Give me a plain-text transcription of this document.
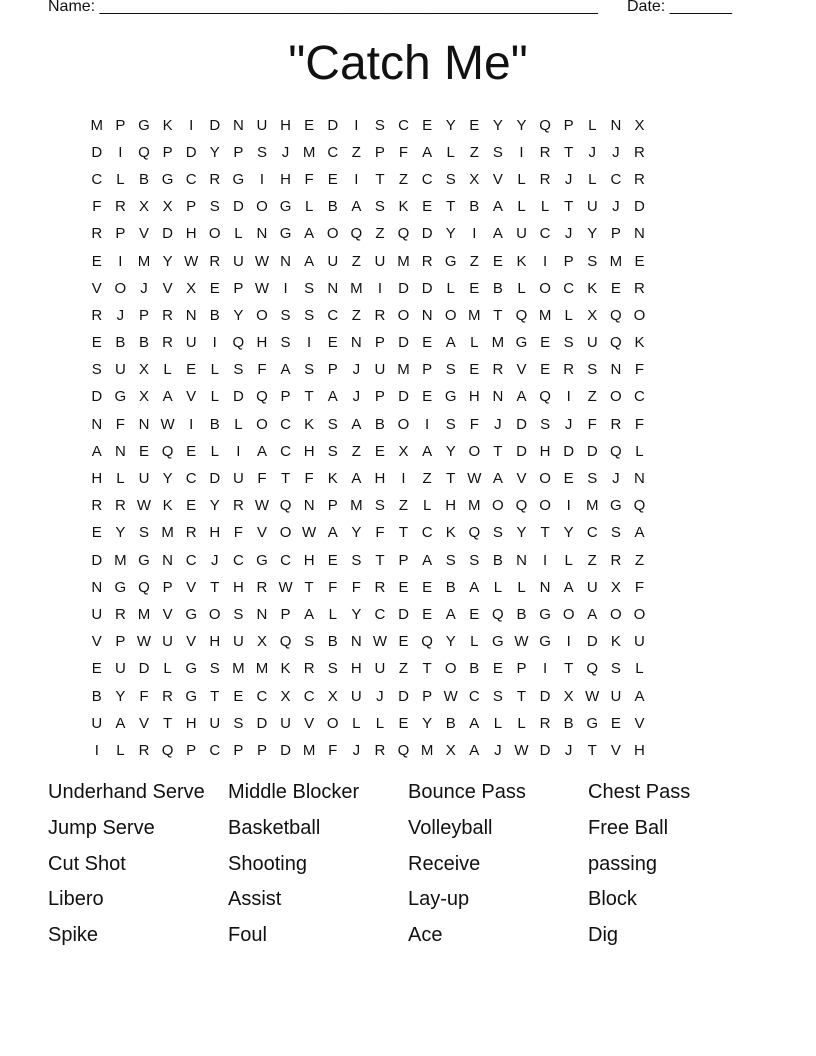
Name: ________________________________________________________ Date: _______
"Catch Me"
M P G K	I	D N U H E D	I	S C E Y E Y Y Q P L N X
D	I	Q P D Y P S J M C Z P F A L Z S	I	R T	J	J R
C L B G C R G	I	H F E	I	T Z C S X V L R J	L C R
F R X X P S D O G L B A S K E T B A L	L T U J D
R P V D H O L N G A O Q Z Q D Y	I	A U C J Y P N
E	I	M Y W R U W N A U Z U M R G Z E K	I	P S M E
V O J V X E P W I	S N M	I	D D L E B L O C K E R
R J P R N B Y O S S C Z R O N O M T Q M L X Q O
E B B R U	I	Q H S	I	E N P D E A L M G E S U Q K
S U X L E L S F A S P J U M P S E R V E R S N F
D G X A V L D Q P T A J P D E G H N A Q	I	Z O C
N F N W I	B L O C K S A B O	I	S F	J D S J	F R F
A N E Q E L	I	A C H S Z E X A Y O T D H D D Q L
H L U Y C D U F T F K A H	I	Z T W A V O E S J N
R R W K E Y R W Q N P M S Z L H M O Q O	I	M G Q
E Y S M R H F V O W A Y F T C K Q S Y T Y C S A
D M G N C J C G C H E S T P A S S B N	I	L Z R Z
N G Q P V T H R W T F F R E E B A L	L N A U X F
U R M V G O S N P A L Y C D E A E Q B G O A O O
V P W U V H U X Q S B N W E Q Y L G W G	I	D K U
E U D L G S M M K R S H U Z T O B E P	I	T Q S L
B Y F R G T E C X C X U J D P W C S T D X W U A
U A V T H U S D U V O L	L E Y B A L	L R B G E V
I	L R Q P C P P D M F	J R Q M X A J W D J	T V H
Underhand Serve	Middle Blocker	Bounce Pass	Chest Pass
Jump Serve	Basketball	Volleyball	Free Ball
Cut Shot	Shooting	Receive	passing
Libero	Assist	Lay-up	Block
Spike	Foul	Ace	Dig
